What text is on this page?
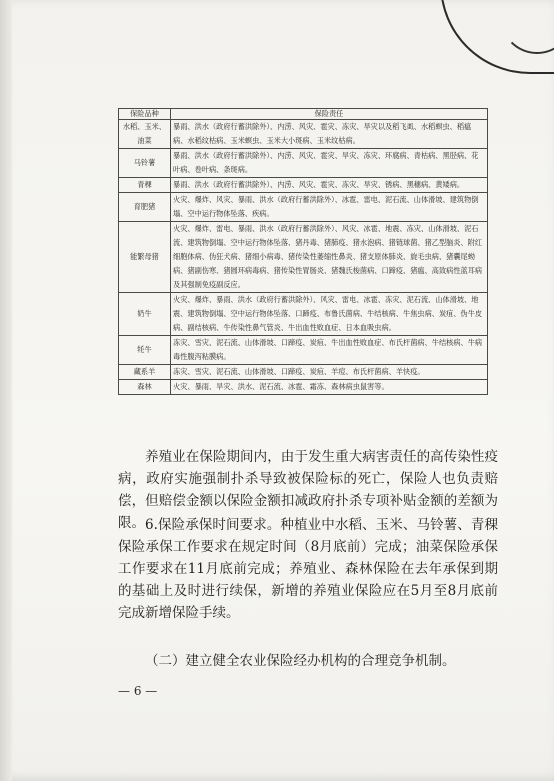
保险品种	保险责任
水稻、玉米、油菜	暴雨、洪水（政府行蓄洪除外）、内涝、风灾、雹灾、冻灾、旱灾以及稻飞虱、水稻螟虫、稻瘟病、水稻纹枯病、玉米螟虫、玉米大小斑病、玉米纹枯病。
马铃薯	暴雨、洪水（政府行蓄洪除外）、内涝、风灾、雹灾、旱灾、冻灾、环腐病、青枯病、黑胫病、花叶病、卷叶病、条斑病。
青稞	暴雨、洪水（政府行蓄洪除外）、内涝、风灾、雹灾、冻灾、旱灾、锈病、黑穗病、黄矮病。
育肥猪	火灾、爆炸、风灾、暴雨、洪水（政府行蓄洪除外）、冰雹、雷电、泥石流、山体滑坡、建筑物倒塌、空中运行物体坠落、疾病。
能繁母猪	火灾、爆炸、雷电、暴雨、洪水（政府行蓄洪除外）、风灾、冰雹、地震、冻灾、山体滑坡、泥石流、建筑物倒塌、空中运行物体坠落、猪丹毒、猪肺疫、猪水泡病、猪链球菌、猪乙型脑炎、附红细胞体病、伪狂犬病、猪细小病毒、猪传染性萎缩性鼻炎、猪支原体肺炎、旋毛虫病、猪囊尾蚴病、猪副伤寒、猪圆环病毒病、猪传染性胃肠炎、猪魏氏梭菌病、口蹄疫、猪瘟、高致病性蓝耳病及其强制免疫副反应。
奶牛	火灾、爆炸、暴雨、洪水（政府行蓄洪除外）、风灾、雷电、冰雹、冻灾、泥石流、山体滑坡、地震、建筑物倒塌、空中运行物体坠落、口蹄疫、布鲁氏菌病、牛结核病、牛焦虫病、炭疽、伪牛皮病、副结核病、牛传染性鼻气管炎、牛出血性败血症、日本血吸虫病。
牦牛	冻灾、雪灾、泥石流、山体滑坡、口蹄疫、炭疽、牛出血性败血症、布氏杆菌病、牛结核病、牛病毒性腹泻粘膜病。
藏系羊	冻灾、雪灾、泥石流、山体滑坡、口蹄疫、炭疽、羊痘、布氏杆菌病、羊快疫。
森林	火灾、暴雨、旱灾、洪水、泥石流、冰雹、霜冻、森林病虫鼠害等。

养殖业在保险期间内，由于发生重大病害责任的高传染性疫病，政府实施强制扑杀导致被保险标的死亡，保险人也负责赔偿，但赔偿金额以保险金额扣减政府扑杀专项补贴金额的差额为限。 6.保险承保时间要求。种植业中水稻、玉米、马铃薯、青稞保险承保工作要求在规定时间（8月底前）完成；油菜保险承保工作要求在11月底前完成；养殖业、森林保险在去年承保到期的基础上及时进行续保，新增的养殖业保险应在5月至8月底前完成新增保险手续。

（二）建立健全农业保险经办机构的合理竞争机制。

— 6 —
